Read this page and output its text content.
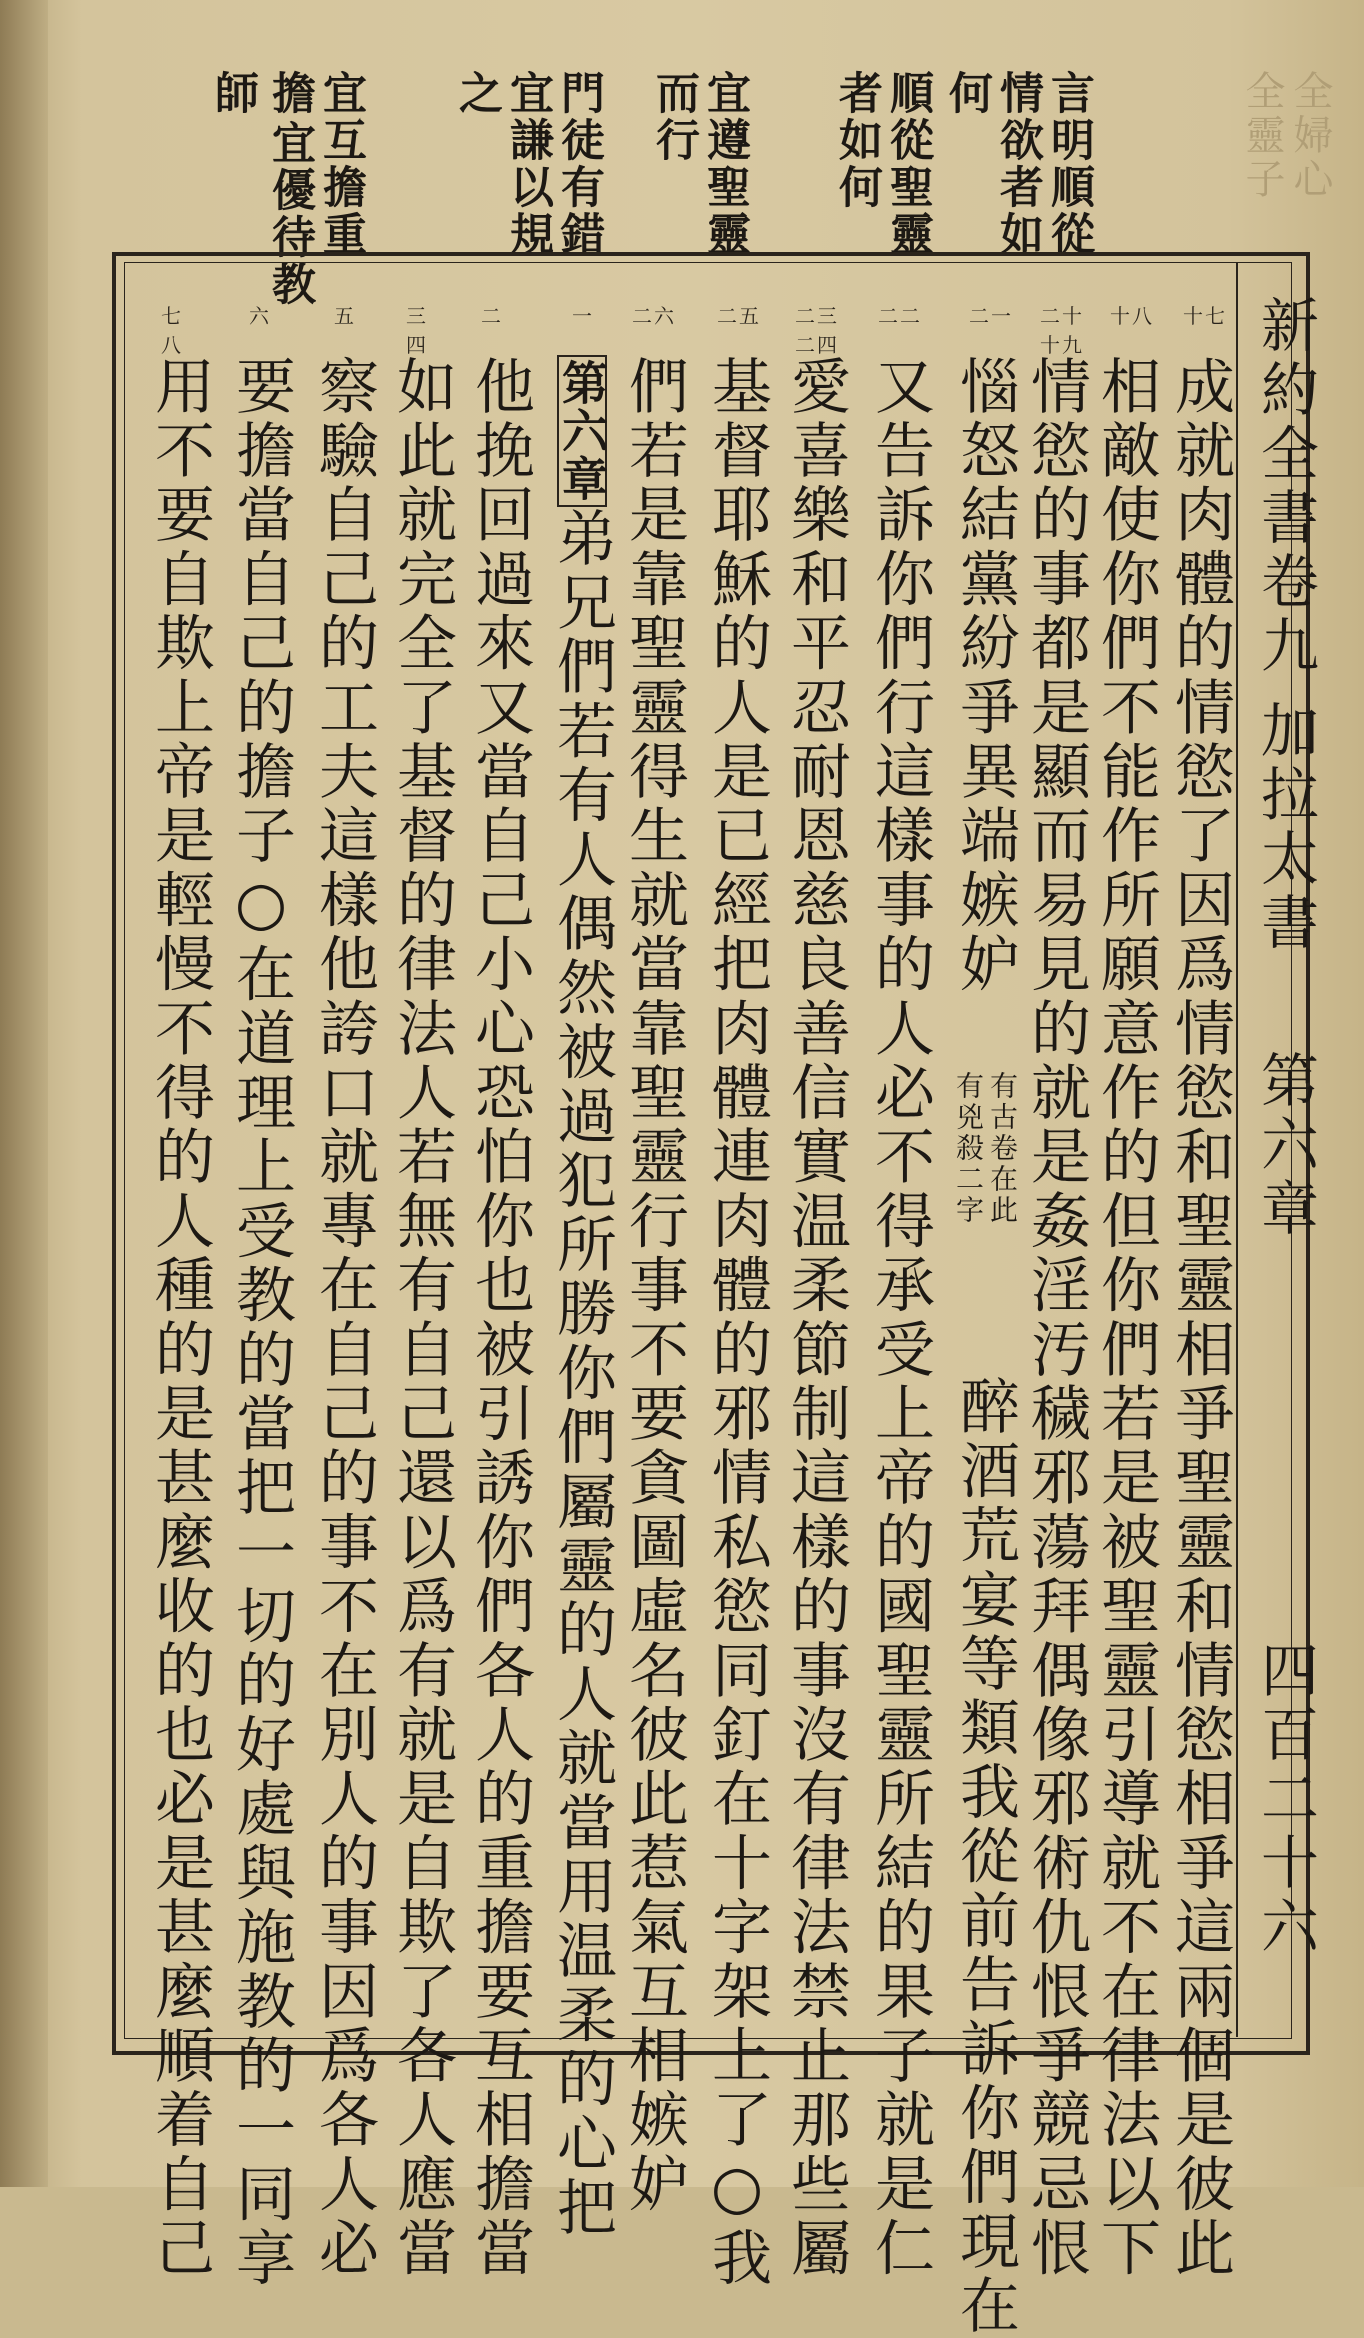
全婦心
全靈子
言明順從
情欲者如
何
順從聖靈
者如何
宜遵聖靈
而行
門徒有錯
宜謙以規
之
宜互擔重
擔
宜優待教
師
新約全書卷九
加拉太書
第六章
四百二十六
十七
十八
二十
十九
二一
二二
二三
二四
二五
二六
一
二
三
四
五
六
七
八
成就肉體的情慾了因爲情慾和聖靈相爭聖靈和情慾相爭這兩個是彼此
相敵使你們不能作所願意作的但你們若是被聖靈引導就不在律法以下
情慾的事都是顯而易見的就是姦淫汚穢邪蕩拜偶像邪術仇恨爭競忌恨
惱怒結黨紛爭異端嫉妒
有古卷在此
有兇殺二字
醉酒荒宴等類我從前告訴你們現在
又告訴你們行這樣事的人必不得承受上帝的國聖靈所結的果子就是仁
愛喜樂和平忍耐恩慈良善信實温柔節制這樣的事沒有律法禁止那些屬
基督耶穌的人是已經把肉體連肉體的邪情私慾同釘在十字架上了○我
們若是靠聖靈得生就當靠聖靈行事不要貪圖虛名彼此惹氣互相嫉妒
第六章弟兄們若有人偶然被過犯所勝你們屬靈的人就當用温柔的心把
他挽回過來又當自己小心恐怕你也被引誘你們各人的重擔要互相擔當
如此就完全了基督的律法人若無有自己還以爲有就是自欺了各人應當
察驗自己的工夫這樣他誇口就專在自己的事不在別人的事因爲各人必
要擔當自己的擔子○在道理上受教的當把一切的好處與施教的一同享
用不要自欺上帝是輕慢不得的人種的是甚麼收的也必是甚麼順着自己
